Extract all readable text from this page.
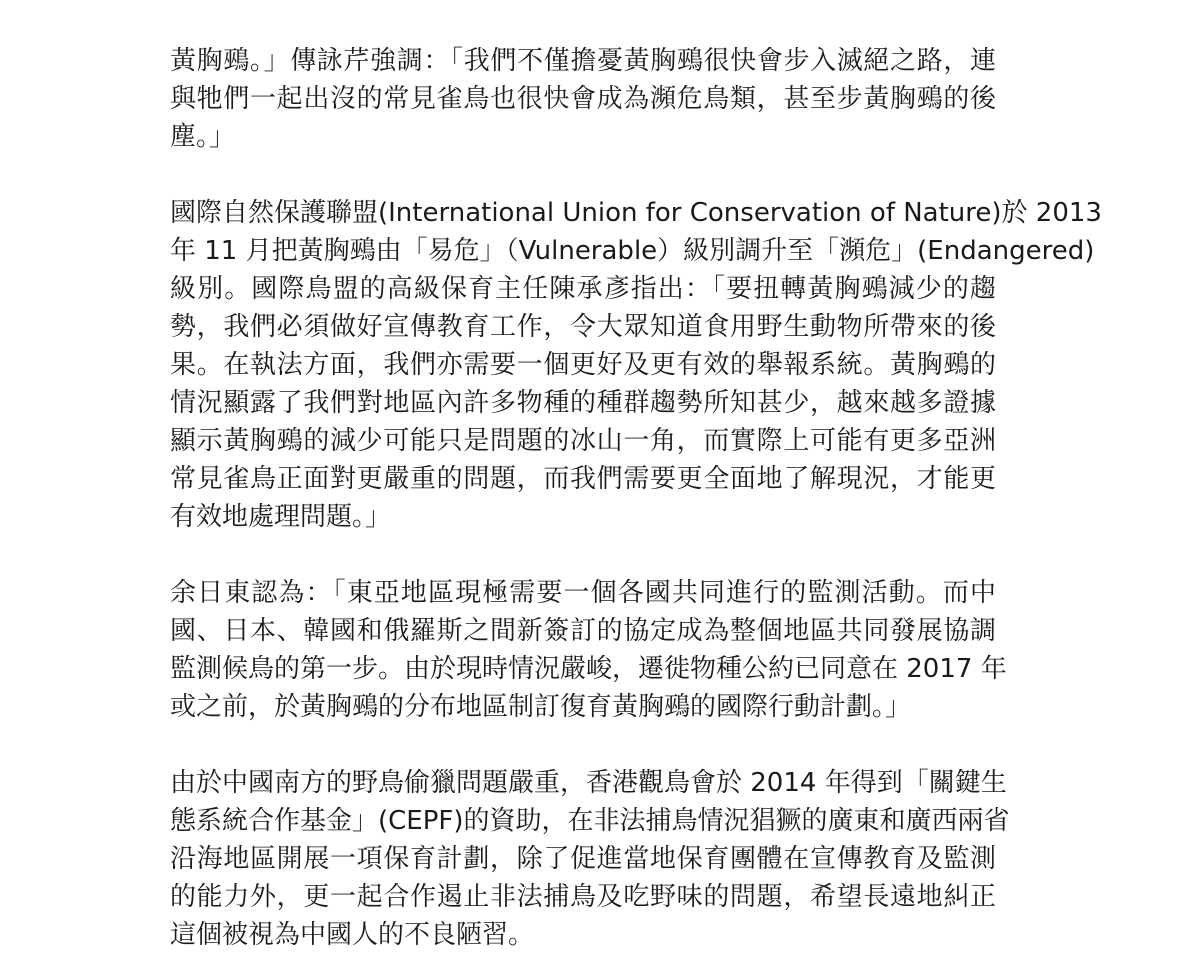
黃胸鵐。」傳詠芹強調：「我們不僅擔憂黃胸鵐很快會步入滅絕之路，連
與牠們一起出沒的常見雀鳥也很快會成為瀕危鳥類，甚至步黃胸鵐的後
塵。」

國際自然保護聯盟(International Union for Conservation of Nature)於 2013
年 11 月把黃胸鵐由「易危」（Vulnerable）級別調升至「瀕危」(Endangered)
級別。國際鳥盟的高級保育主任陳承彥指出：「要扭轉黃胸鵐減少的趨
勢，我們必須做好宣傳教育工作，令大眾知道食用野生動物所帶來的後
果。在執法方面，我們亦需要一個更好及更有效的舉報系統。黃胸鵐的
情況顯露了我們對地區內許多物種的種群趨勢所知甚少，越來越多證據
顯示黃胸鵐的減少可能只是問題的冰山一角，而實際上可能有更多亞洲
常見雀鳥正面對更嚴重的問題，而我們需要更全面地了解現況，才能更
有效地處理問題。」

余日東認為：「東亞地區現極需要一個各國共同進行的監測活動。而中
國、日本、韓國和俄羅斯之間新簽訂的協定成為整個地區共同發展協調
監測候鳥的第一步。由於現時情況嚴峻，遷徙物種公約已同意在 2017 年
或之前，於黃胸鵐的分布地區制訂復育黃胸鵐的國際行動計劃。」

由於中國南方的野鳥偷獵問題嚴重，香港觀鳥會於 2014 年得到「關鍵生
態系統合作基金」(CEPF)的資助，在非法捕鳥情況猖獗的廣東和廣西兩省
沿海地區開展一項保育計劃，除了促進當地保育團體在宣傳教育及監測
的能力外，更一起合作遏止非法捕鳥及吃野味的問題，希望長遠地糾正
這個被視為中國人的不良陋習。
